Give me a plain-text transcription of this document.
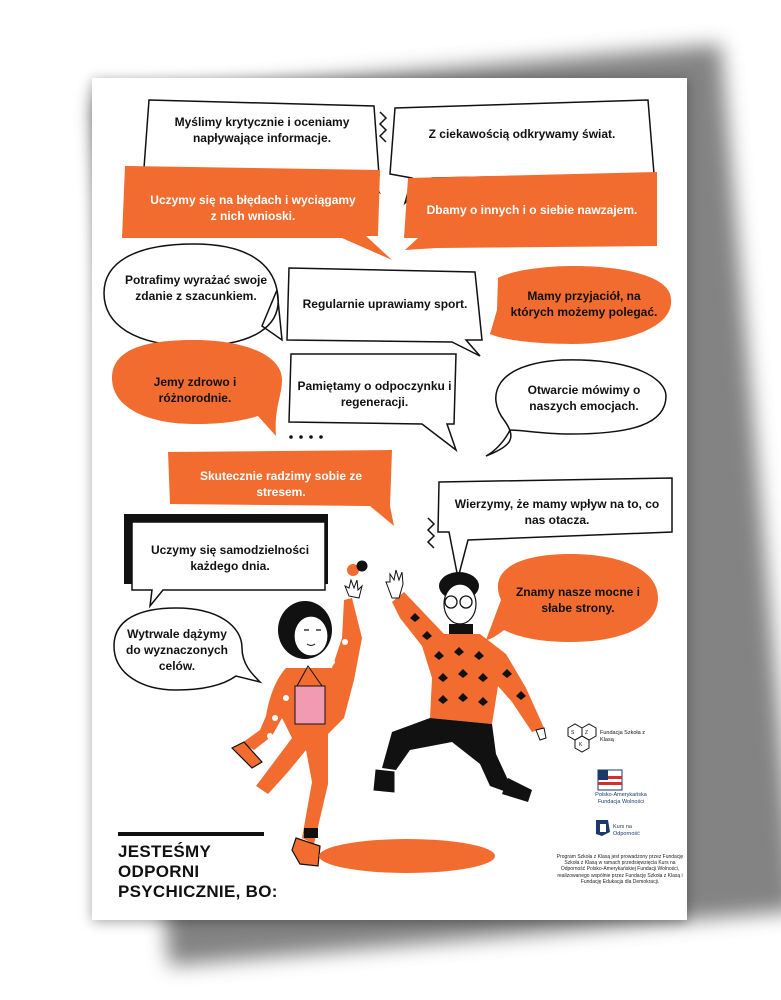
Myślimy krytycznie i oceniamy napływające informacje.	Z ciekawością odkrywamy świat.
Uczymy się na błędach i wyciągamy z nich wnioski.	Dbamy o innych i o siebie nawzajem.
Potrafimy wyrażać swoje zdanie z szacunkiem.
Regularnie uprawiamy sport.
Mamy przyjaciół, na których możemy polegać.
Jemy zdrowo i różnorodnie.
Pamiętamy o odpoczynku i regeneracji.
Otwarcie mówimy o naszych emocjach.
Skutecznie radzimy sobie ze stresem.
Wierzymy, że mamy wpływ na to, co nas otacza.
Uczymy się samodzielności każdego dnia.
Znamy nasze mocne i słabe strony.
Wytrwale dążymy do wyznaczonych celów.
JESTEŚMY ODPORNI PSYCHICZNIE, BO:
S	Z
K
Fundacja Szkoła z Klasą
Polsko-Amerykańska Fundacja Wolności
Kurs na Odporność
Program Szkoła z Klasą jest prowadzony przez Fundację Szkoła z Klasą w ramach przedsięwzięcia Kurs na Odporność Polsko-Amerykańskiej Fundacji Wolności, realizowanego wspólnie przez Fundację Szkoła z Klasą i Fundację Edukacja dla Demokracji.
